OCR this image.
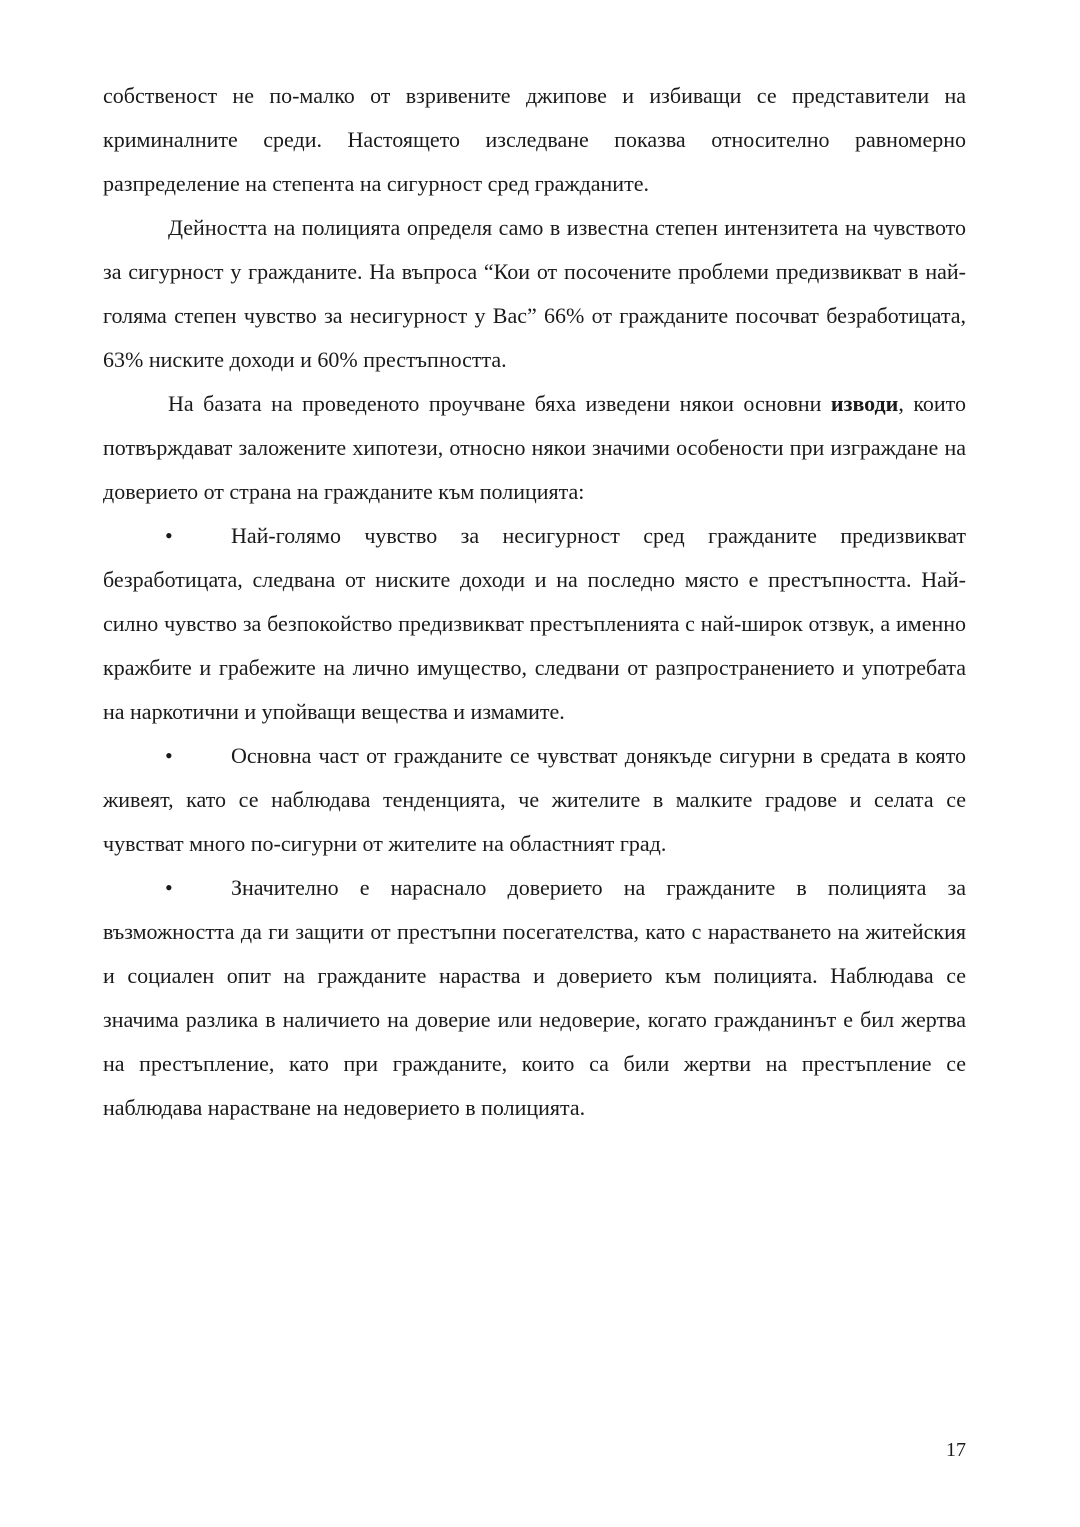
собственост не по-малко от взривените джипове и избиващи се представители на криминалните среди. Настоящето изследване показва относително равномерно разпределение на степента на сигурност сред гражданите.

Дейността на полицията определя само в известна степен интензитета на чувството за сигурност у гражданите. На въпроса “Кои от посочените проблеми предизвикват в най-голяма степен чувство за несигурност у Вас” 66% от гражданите посочват безработицата, 63% ниските доходи и 60% престъпността.

На базата на проведеното проучване бяха изведени някои основни изводи, които потвърждават заложените хипотези, относно някои значими особености при изграждане на доверието от страна на гражданите към полицията:

•	Най-голямо чувство за несигурност сред гражданите предизвикват безработицата, следвана от ниските доходи и на последно място е престъпността. Най-силно чувство за безпокойство предизвикват престъпленията с най-широк отзвук, а именно кражбите и грабежите на лично имущество, следвани от разпространението и употребата на наркотични и упойващи вещества и измамите.
•	Основна част от гражданите се чувстват донякъде сигурни в средата в която живеят, като се наблюдава тенденцията, че жителите в малките градове и селата се чувстват много по-сигурни от жителите на областният град.
•	Значително е нараснало доверието на гражданите в полицията за възможността да ги защити от престъпни посегателства, като с нарастването на житейския и социален опит на гражданите нараства и доверието към полицията. Наблюдава се значима разлика в наличието на доверие или недоверие, когато гражданинът е бил жертва на престъпление, като при гражданите, които са били жертви на престъпление се наблюдава нарастване на недоверието в полицията.
17
